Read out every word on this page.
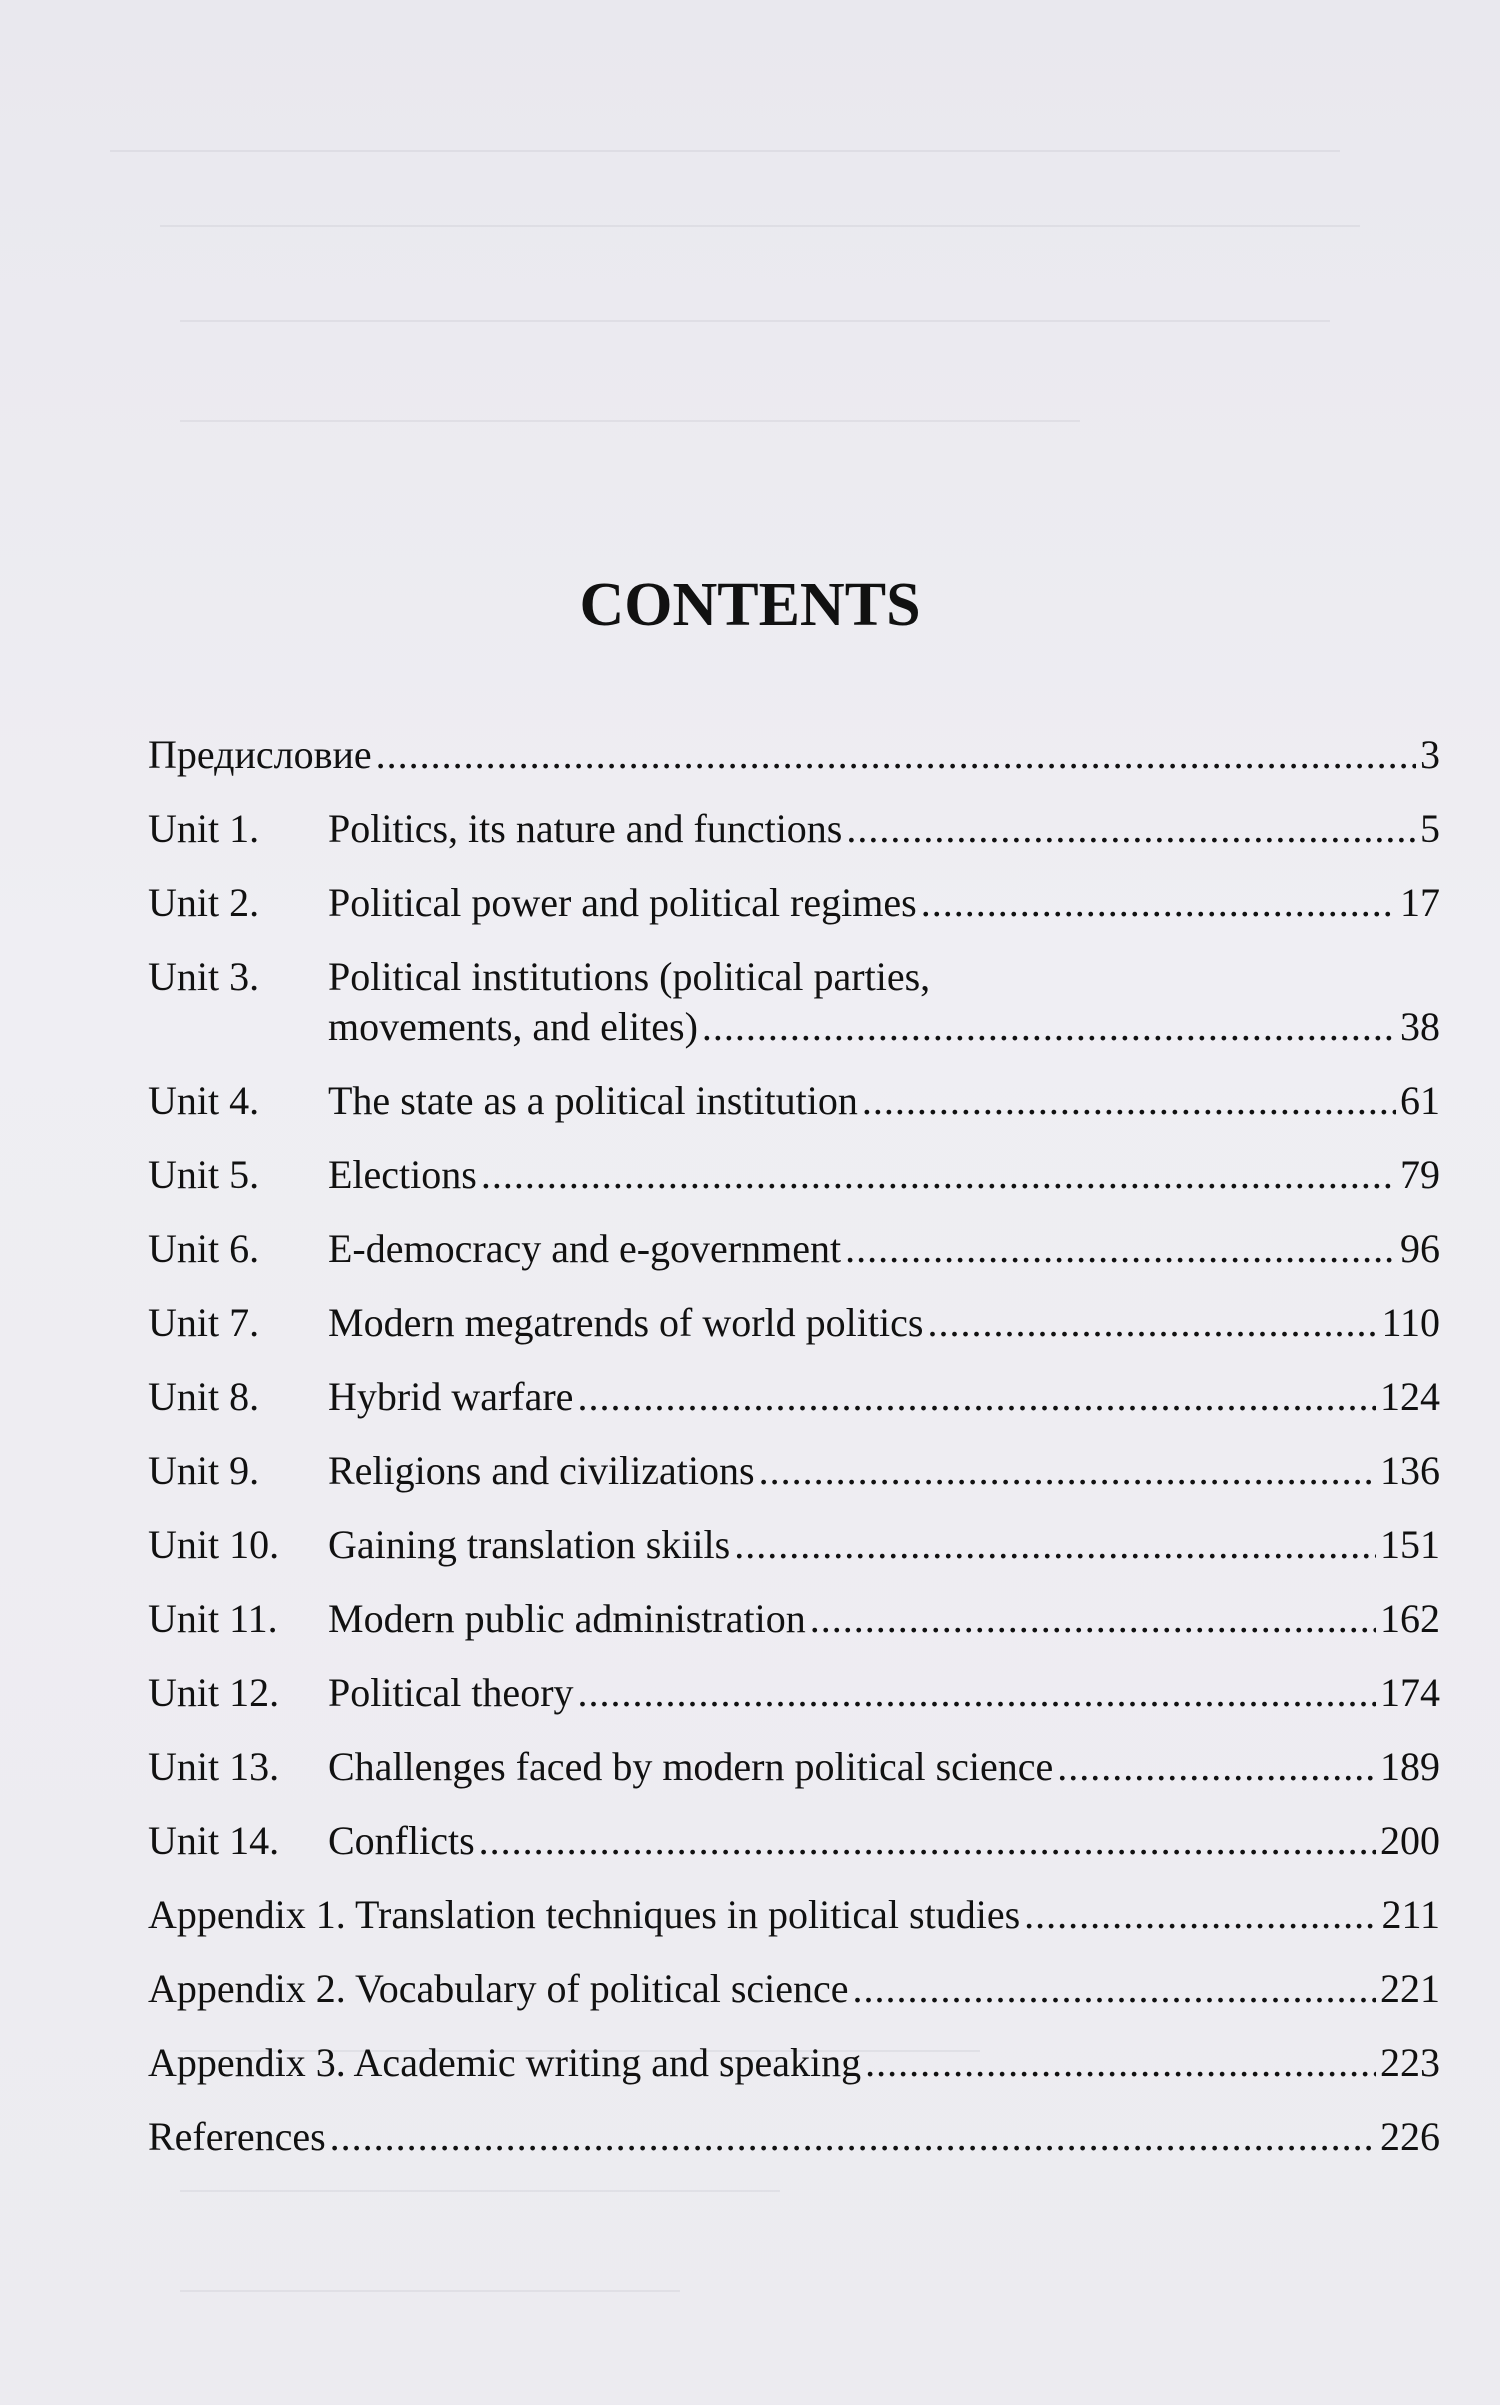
CONTENTS
Предисловие .....	3
Unit 1.	Politics, its nature and functions .....	5
Unit 2.	Political power and political regimes .....	17
Unit 3.	Political institutions (political parties,
movements, and elites) .....	38
Unit 4.	The state as a political institution .....	61
Unit 5.	Elections .....	79
Unit 6.	E-democracy and e-government .....	96
Unit 7.	Modern megatrends of world politics .....	110
Unit 8.	Hybrid warfare .....	124
Unit 9.	Religions and civilizations .....	136
Unit 10.	Gaining translation skiils .....	151
Unit 11.	Modern public administration .....	162
Unit 12.	Political theory .....	174
Unit 13.	Challenges faced by modern political science .....	189
Unit 14.	Conflicts .....	200
Appendix 1. Translation techniques in political studies .....	211
Appendix 2. Vocabulary of political science .....	221
Appendix 3. Academic writing and speaking .....	223
References .....	226
